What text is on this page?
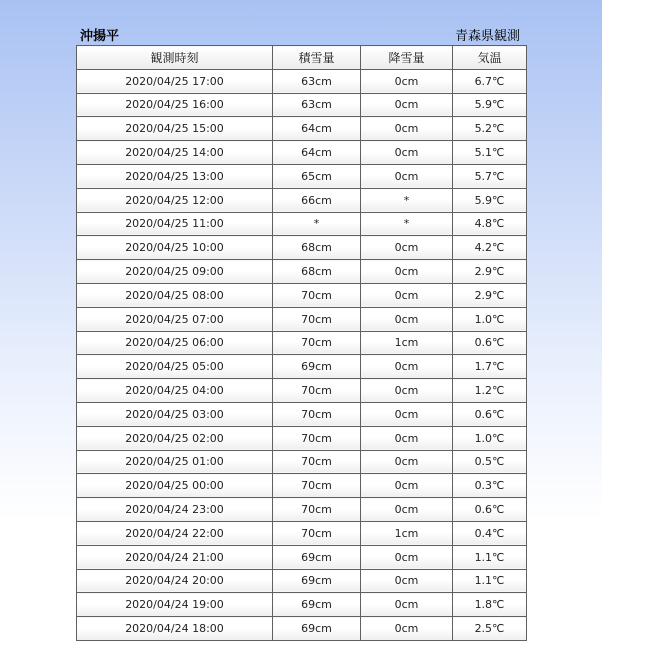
沖揚平	青森県観測
観測時刻	積雪量	降雪量	気温
2020/04/25 17:00	63cm	0cm	6.7℃
2020/04/25 16:00	63cm	0cm	5.9℃
2020/04/25 15:00	64cm	0cm	5.2℃
2020/04/25 14:00	64cm	0cm	5.1℃
2020/04/25 13:00	65cm	0cm	5.7℃
2020/04/25 12:00	66cm	*	5.9℃
2020/04/25 11:00	*	*	4.8℃
2020/04/25 10:00	68cm	0cm	4.2℃
2020/04/25 09:00	68cm	0cm	2.9℃
2020/04/25 08:00	70cm	0cm	2.9℃
2020/04/25 07:00	70cm	0cm	1.0℃
2020/04/25 06:00	70cm	1cm	0.6℃
2020/04/25 05:00	69cm	0cm	1.7℃
2020/04/25 04:00	70cm	0cm	1.2℃
2020/04/25 03:00	70cm	0cm	0.6℃
2020/04/25 02:00	70cm	0cm	1.0℃
2020/04/25 01:00	70cm	0cm	0.5℃
2020/04/25 00:00	70cm	0cm	0.3℃
2020/04/24 23:00	70cm	0cm	0.6℃
2020/04/24 22:00	70cm	1cm	0.4℃
2020/04/24 21:00	69cm	0cm	1.1℃
2020/04/24 20:00	69cm	0cm	1.1℃
2020/04/24 19:00	69cm	0cm	1.8℃
2020/04/24 18:00	69cm	0cm	2.5℃
